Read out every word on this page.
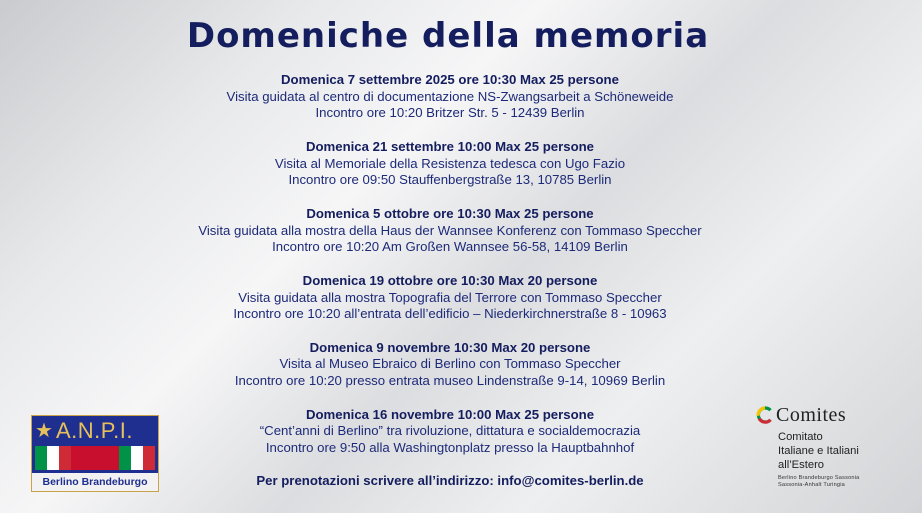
Domeniche della memoria
Domenica 7 settembre 2025 ore 10:30 Max 25 persone
Visita guidata al centro di documentazione NS-Zwangsarbeit a Schöneweide
Incontro ore 10:20 Britzer Str. 5 - 12439 Berlin
Domenica 21 settembre 10:00 Max 25 persone
Visita al Memoriale della Resistenza tedesca con Ugo Fazio
Incontro ore 09:50 Stauffenbergstraße 13, 10785 Berlin
Domenica 5 ottobre ore 10:30 Max 25 persone
Visita guidata alla mostra della Haus der Wannsee Konferenz con Tommaso Speccher
Incontro ore 10:20 Am Großen Wannsee 56-58, 14109 Berlin
Domenica 19 ottobre ore 10:30 Max 20 persone
Visita guidata alla mostra Topografia del Terrore con Tommaso Speccher
Incontro ore 10:20 all’entrata dell’edificio – Niederkirchnerstraße 8 - 10963
Domenica 9 novembre 10:30 Max 20 persone
Visita al Museo Ebraico di Berlino con Tommaso Speccher
Incontro ore 10:20 presso entrata museo Lindenstraße 9-14, 10969 Berlin
Domenica 16 novembre 10:00 Max 25 persone
“Cent’anni di Berlino” tra rivoluzione, dittatura e socialdemocrazia
Incontro ore 9:50 alla Washingtonplatz presso la Hauptbahnhof
Per prenotazioni scrivere all’indirizzo: info@comites-berlin.de
★ A.N.P.I.
Berlino Brandeburgo
Comites
Comitato
Italiane e Italiani
all’Estero
Berlino Brandeburgo Sassonia
Sassonia-Anhalt Turingia
